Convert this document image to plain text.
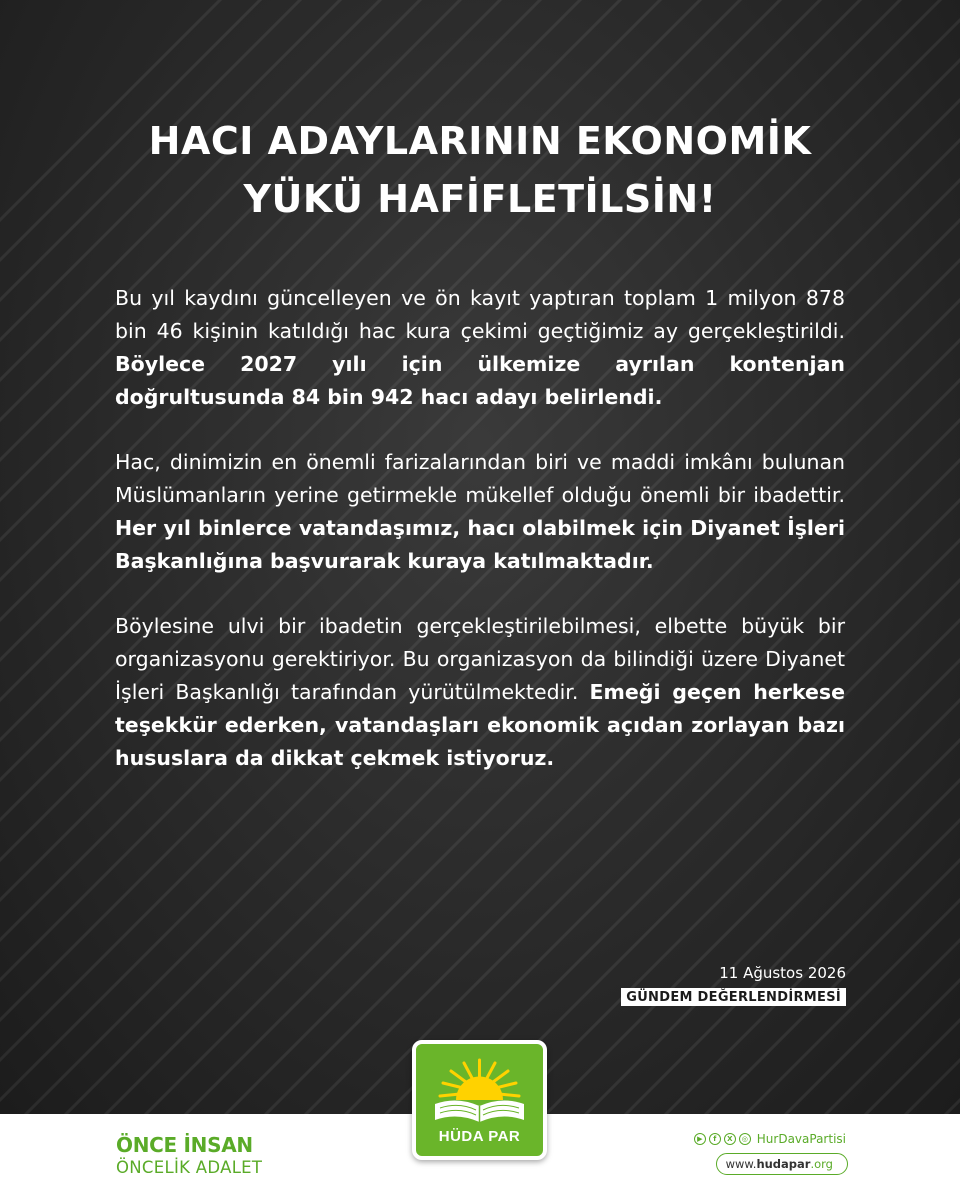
HACI ADAYLARININ EKONOMİK
YÜKÜ HAFİFLETİLSİN!

Bu yıl kaydını güncelleyen ve ön kayıt yaptıran toplam 1 milyon 878 bin 46 kişinin katıldığı hac kura çekimi geçtiğimiz ay gerçekleştirildi. Böylece 2027 yılı için ülkemize ayrılan kontenjan doğrultusunda 84 bin 942 hacı adayı belirlendi.

Hac, dinimizin en önemli farizalarından biri ve maddi imkânı bulunan Müslümanların yerine getirmekle mükellef olduğu önemli bir ibadettir. Her yıl binlerce vatandaşımız, hacı olabilmek için Diyanet İşleri Başkanlığına başvurarak kuraya katılmaktadır.

Böylesine ulvi bir ibadetin gerçekleştirilebilmesi, elbette büyük bir organizasyonu gerektiriyor. Bu organizasyon da bilindiği üzere Diyanet İşleri Başkanlığı tarafından yürütülmektedir. Emeği geçen herkese teşekkür ederken, vatandaşları ekonomik açıdan zorlayan bazı hususlara da dikkat çekmek istiyoruz.

11 Ağustos 2026
GÜNDEM DEĞERLENDİRMESİ
HÜDA PAR
ÖNCE İNSAN
ÖNCELİK ADALET
▶	f	X	◎ HurDavaPartisi
www. hudapar .org
